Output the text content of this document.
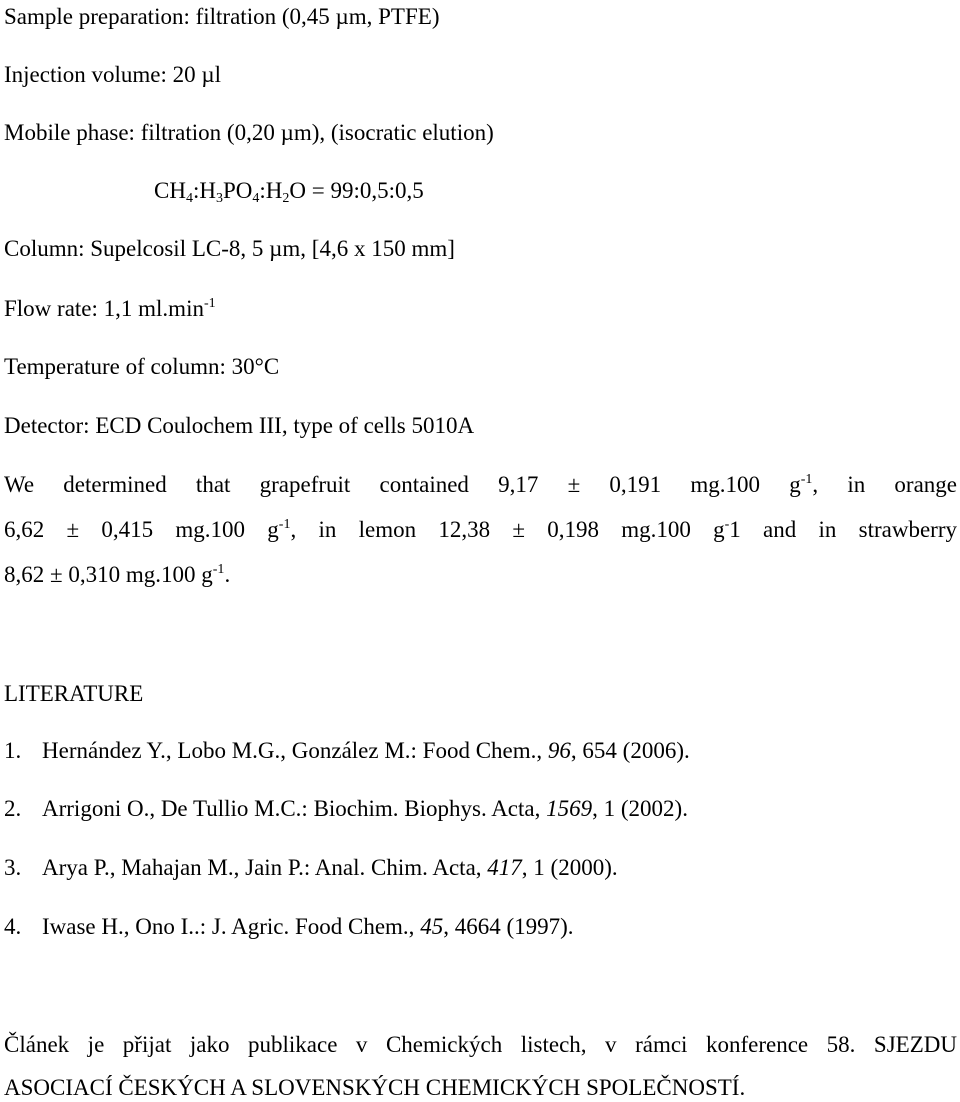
Sample preparation: filtration (0,45 µm, PTFE)
Injection volume: 20 µl
Mobile phase: filtration (0,20 µm), (isocratic elution)
$CH_4:H_3PO_4:H_2O$ = 99:0,5:0,5
Column: Supelcosil LC-8, 5 µm, [4,6 x 150 mm]
Flow rate: 1,1 $ml.\min^{-1}$
Temperature of column: 30°C
Detector: ECD Coulochem III, type of cells 5010A
We determined that grapefruit contained 9,17 ± 0,191 mg.100 $g^{-1}$, in orange
6,62 ± 0,415 mg.100 $g^{-1}$, in lemon 12,38 ± 0,198 mg.100 g-1 and in strawberry
8,62 ± 0,310 mg.100 $g^{-1}$.
LITERATURE
1. Hernández Y., Lobo M.G., González M.: Food Chem., 96, 654 (2006).
2. Arrigoni O., De Tullio M.C.: Biochim. Biophys. Acta, 1569, 1 (2002).
3. Arya P., Mahajan M., Jain P.: Anal. Chim. Acta, 417, 1 (2000).
4. Iwase H., Ono I..: J. Agric. Food Chem., 45, 4664 (1997).
Článek je přijat jako publikace v Chemických listech, v rámci konference 58. SJEZDU
ASOCIACÍ ČESKÝCH A SLOVENSKÝCH CHEMICKÝCH SPOLEČNOSTÍ.
